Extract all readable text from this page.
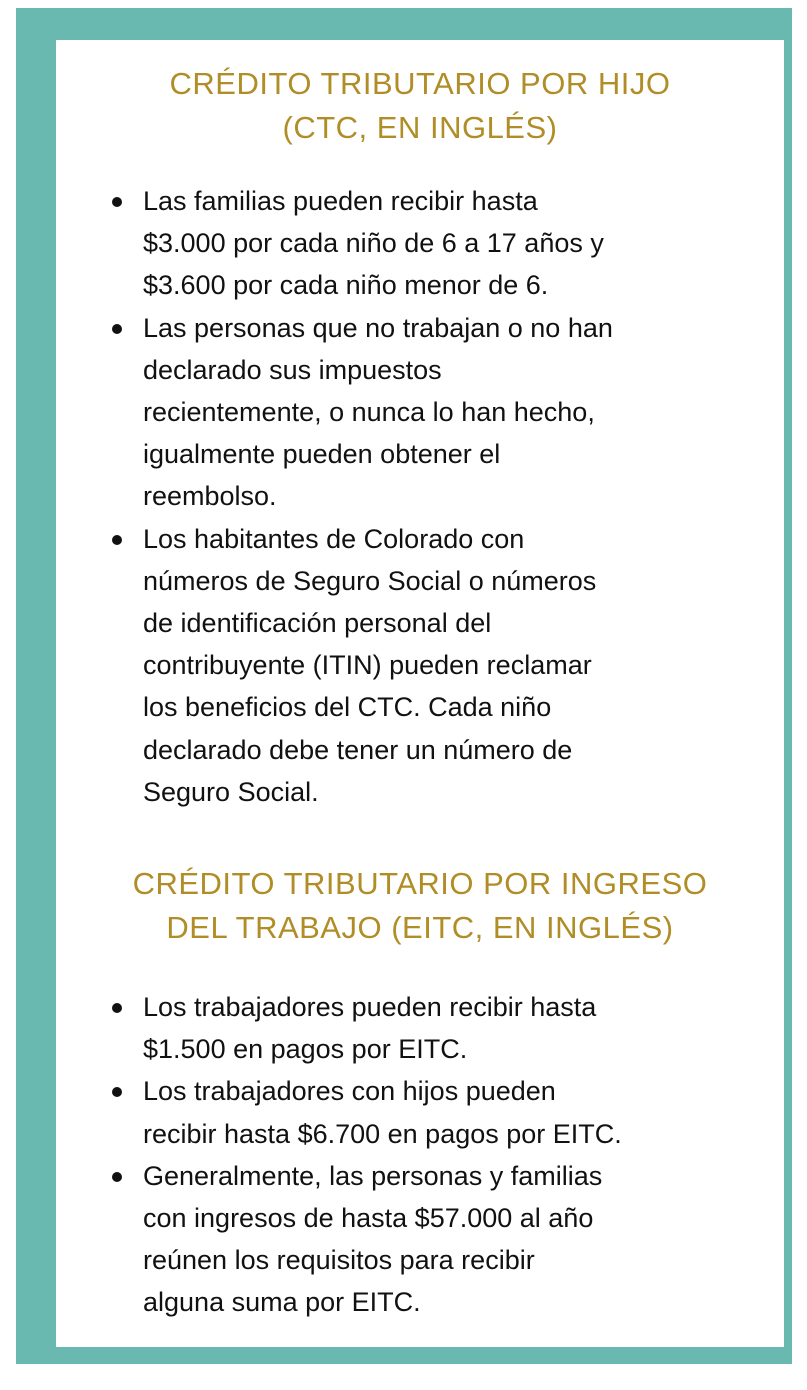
CRÉDITO TRIBUTARIO POR HIJO
(CTC, EN INGLÉS)
Las familias pueden recibir hasta
$3.000 por cada niño de 6 a 17 años y
$3.600 por cada niño menor de 6.
Las personas que no trabajan o no han
declarado sus impuestos
recientemente, o nunca lo han hecho,
igualmente pueden obtener el
reembolso.
Los habitantes de Colorado con
números de Seguro Social o números
de identificación personal del
contribuyente (ITIN) pueden reclamar
los beneficios del CTC. Cada niño
declarado debe tener un número de
Seguro Social.
CRÉDITO TRIBUTARIO POR INGRESO
DEL TRABAJO (EITC, EN INGLÉS)
Los trabajadores pueden recibir hasta
$1.500 en pagos por EITC.
Los trabajadores con hijos pueden
recibir hasta $6.700 en pagos por EITC.
Generalmente, las personas y familias
con ingresos de hasta $57.000 al año
reúnen los requisitos para recibir
alguna suma por EITC.
